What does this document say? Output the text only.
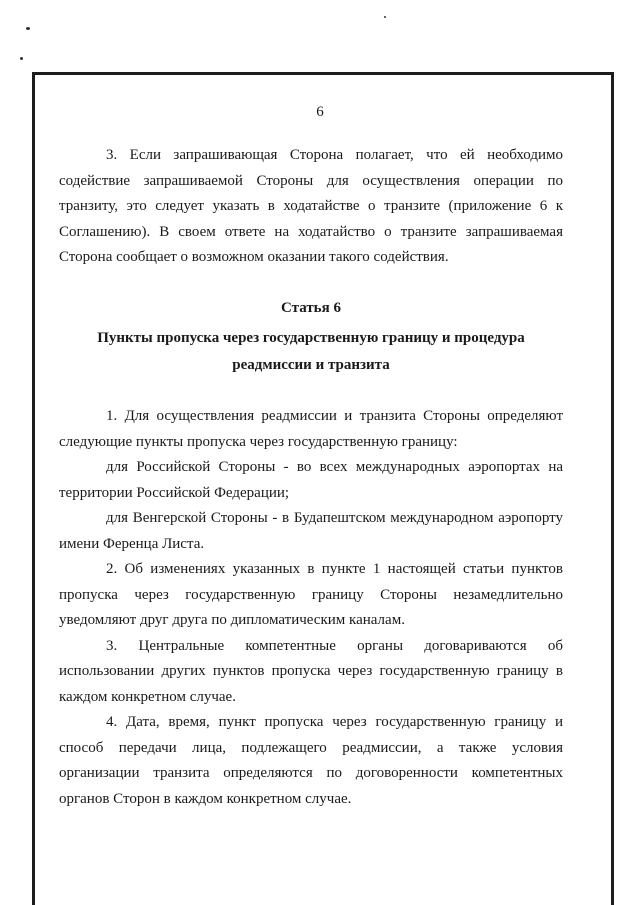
6

3. Если запрашивающая Сторона полагает, что ей необходимо содействие запрашиваемой Стороны для осуществления операции по транзиту, это следует указать в ходатайстве о транзите (приложение 6 к Соглашению). В своем ответе на ходатайство о транзите запрашиваемая Сторона сообщает о возможном оказании такого содействия.

Статья 6

Пункты пропуска через государственную границу и процедура
реадмиссии и транзита

1. Для осуществления реадмиссии и транзита Стороны определяют следующие пункты пропуска через государственную границу:

для Российской Стороны - во всех международных аэропортах на территории Российской Федерации;

для Венгерской Стороны - в Будапештском международном аэропорту имени Ференца Листа.

2. Об изменениях указанных в пункте 1 настоящей статьи пунктов пропуска через государственную границу Стороны незамедлительно уведомляют друг друга по дипломатическим каналам.

3. Центральные компетентные органы договариваются об использовании других пунктов пропуска через государственную границу в каждом конкретном случае.

4. Дата, время, пункт пропуска через государственную границу и способ передачи лица, подлежащего реадмиссии, а также условия организации транзита определяются по договоренности компетентных органов Сторон в каждом конкретном случае.
